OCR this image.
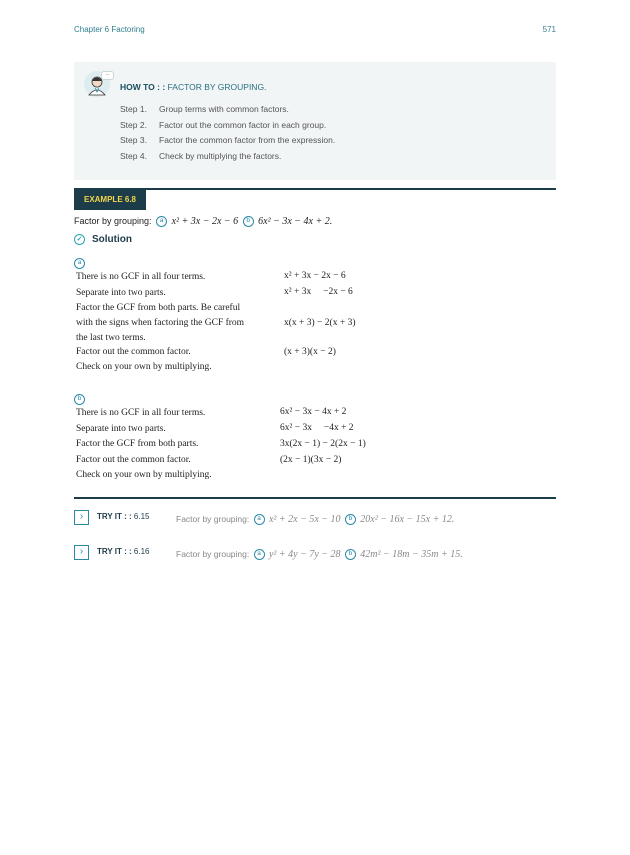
Chapter 6 Factoring	571
...
HOW TO : : FACTOR BY GROUPING.
Step 1. Group terms with common factors.
Step 2. Factor out the common factor in each group.
Step 3. Factor the common factor from the expression.
Step 4. Check by multiplying the factors.
EXAMPLE 6.8
Factor by grouping: a x² + 3x − 2x − 6 b 6x² − 3x − 4x + 2.
✓ Solution
a
There is no GCF in all four terms.	x² + 3x − 2x − 6
Separate into two parts.	x² + 3x     −2x − 6
Factor the GCF from both parts. Be careful
with the signs when factoring the GCF from	x(x + 3) − 2(x + 3)
the last two terms.
Factor out the common factor.	(x + 3)(x − 2)
Check on your own by multiplying.
b
There is no GCF in all four terms.	6x² − 3x − 4x + 2
Separate into two parts.	6x² − 3x     −4x + 2
Factor the GCF from both parts.	3x(2x − 1) − 2(2x − 1)
Factor out the common factor.	(2x − 1)(3x − 2)
Check on your own by multiplying.
›	TRY IT : : 6.15	Factor by grouping: a x² + 2x − 5x − 10 b 20x² − 16x − 15x + 12.
›	TRY IT : : 6.16	Factor by grouping: a y² + 4y − 7y − 28 b 42m² − 18m − 35m + 15.
